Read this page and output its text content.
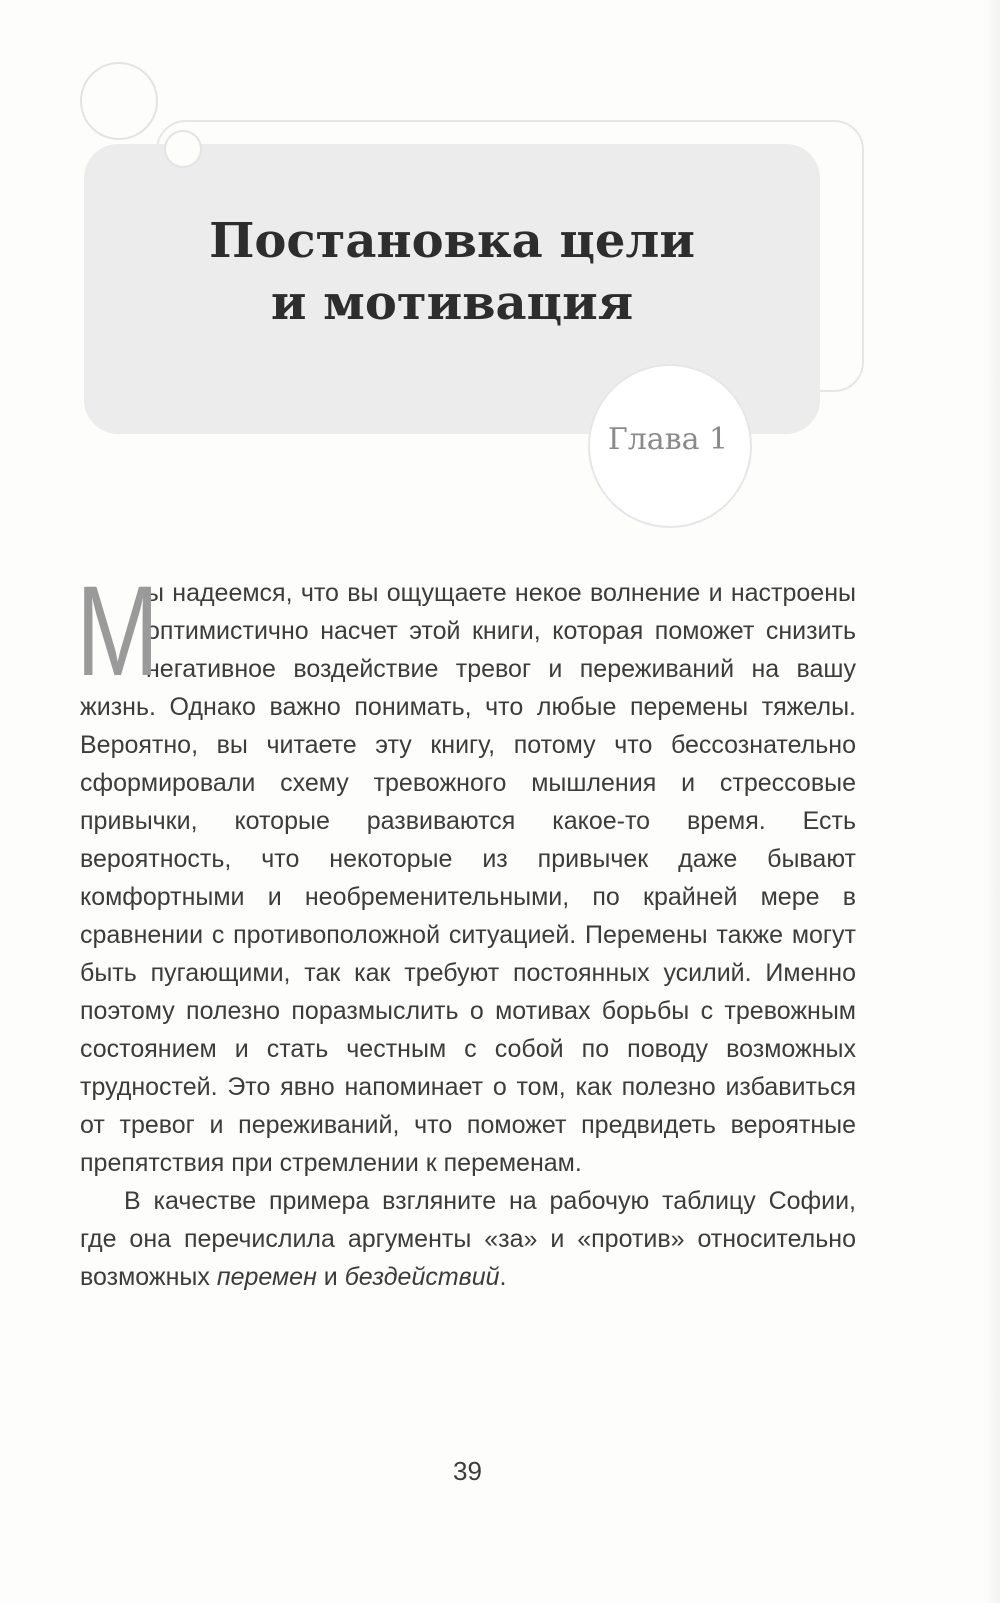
Постановка цели
и мотивация
Глава 1

М
ы надеемся, что вы ощущаете некое волнение и настроены оптимистично насчет этой книги, которая поможет снизить негативное воздействие тревог и переживаний на вашу жизнь. Однако важно понимать, что любые перемены тяжелы. Вероятно, вы читаете эту книгу, потому что бессознательно сформировали схему тревожного мышления и стрессовые привычки, которые развиваются какое-то время. Есть вероятность, что некоторые из привычек даже бывают комфортными и необременительными, по крайней мере в сравнении с противоположной ситуацией. Перемены также могут быть пугающими, так как требуют постоянных усилий. Именно поэтому полезно поразмыслить о мотивах борьбы с тревожным состоянием и стать честным с собой по поводу возможных трудностей. Это явно напоминает о том, как полезно избавиться от тревог и переживаний, что поможет предвидеть вероятные препятствия при стремлении к переменам.

В качестве примера взгляните на рабочую таблицу Софии, где она перечислила аргументы «за» и «против» относительно возможных перемен и бездействий.

39
